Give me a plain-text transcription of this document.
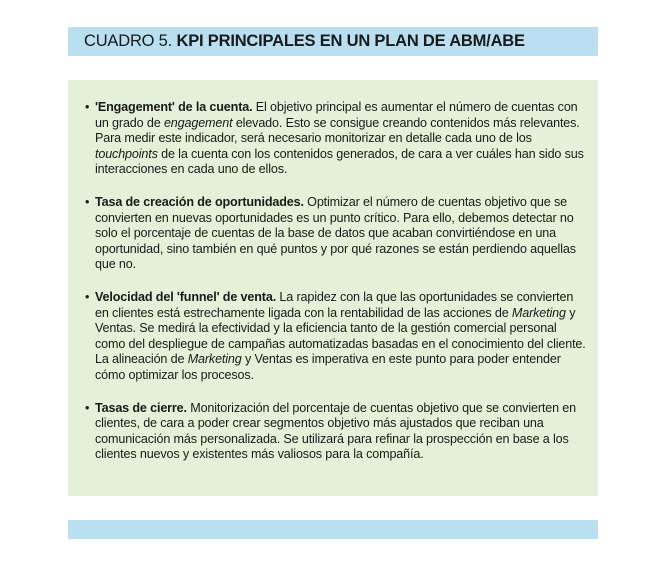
CUADRO 5.
KPI PRINCIPALES EN UN PLAN DE ABM/ABE
• 'Engagement' de la cuenta. El objetivo principal es aumentar el número de cuentas con un grado de engagement elevado. Esto se consigue creando contenidos más relevantes. Para medir este indicador, será necesario monitorizar en detalle cada uno de los touchpoints de la cuenta con los contenidos generados, de cara a ver cuáles han sido sus interacciones en cada uno de ellos.
• Tasa de creación de oportunidades. Optimizar el número de cuentas objetivo que se convierten en nuevas oportunidades es un punto crítico. Para ello, debemos detectar no solo el porcentaje de cuentas de la base de datos que acaban convirtiéndose en una oportunidad, sino también en qué puntos y por qué razones se están perdiendo aquellas que no.
• Velocidad del 'funnel' de venta. La rapidez con la que las oportunidades se convierten en clientes está estrechamente ligada con la rentabilidad de las acciones de Marketing y Ventas. Se medirá la efectividad y la eficiencia tanto de la gestión comercial personal como del despliegue de campañas automatizadas basadas en el conocimiento del cliente. La alineación de Marketing y Ventas es imperativa en este punto para poder entender cómo optimizar los procesos.
• Tasas de cierre. Monitorización del porcentaje de cuentas objetivo que se convierten en clientes, de cara a poder crear segmentos objetivo más ajustados que reciban una comunicación más personalizada. Se utilizará para refinar la prospección en base a los clientes nuevos y existentes más valiosos para la compañía.
